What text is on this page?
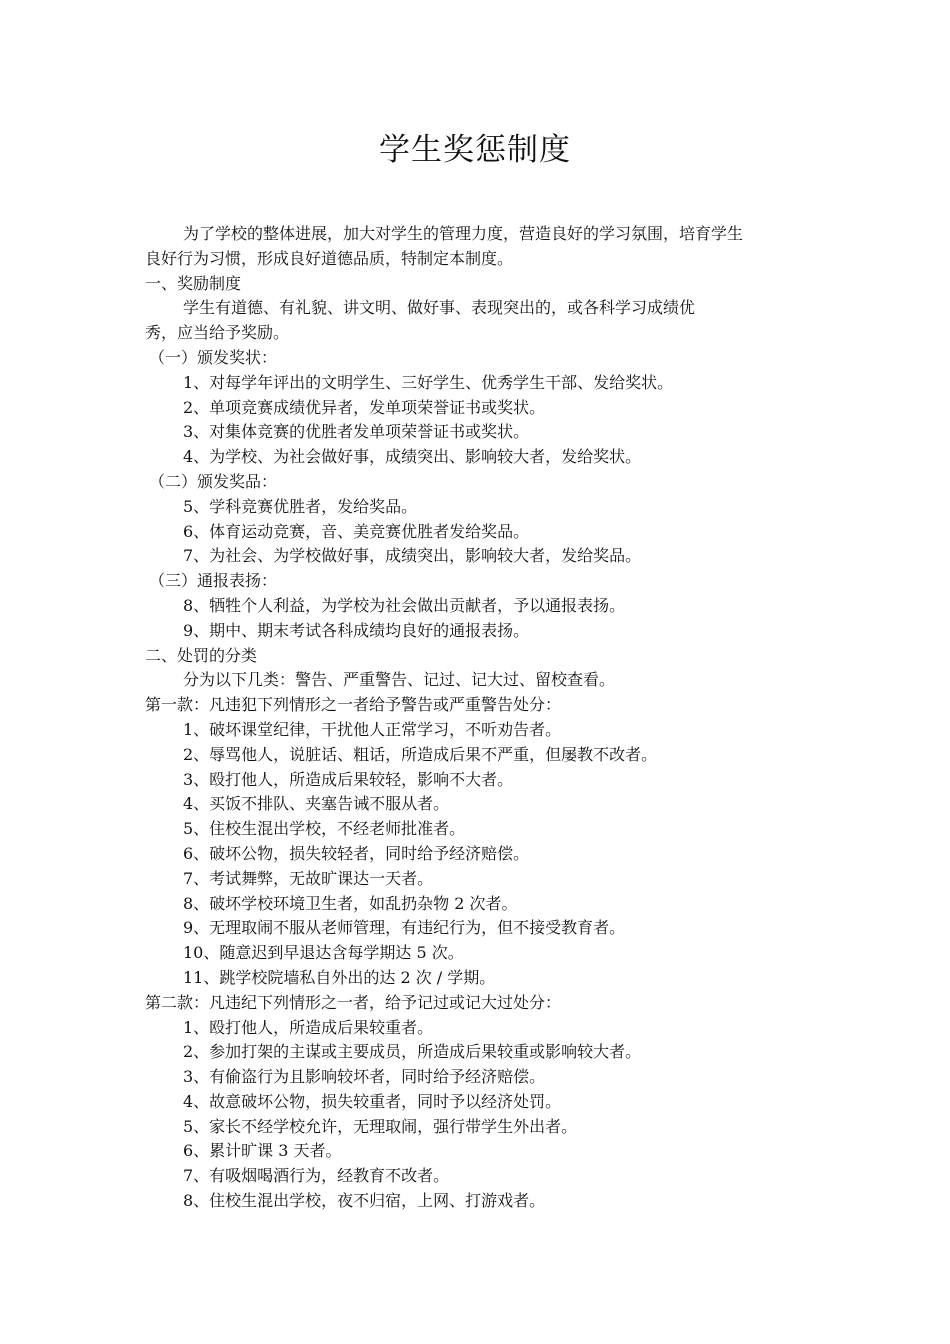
学生奖惩制度
为了学校的整体进展，加大对学生的管理力度，营造良好的学习氛围，培育学生
良好行为习惯，形成良好道德品质，特制定本制度。
一、奖励制度
学生有道德、有礼貌、讲文明、做好事、表现突出的，或各科学习成绩优
秀，应当给予奖励。
（一）颁发奖状：
1、对每学年评出的文明学生、三好学生、优秀学生干部、发给奖状。
2、单项竞赛成绩优异者，发单项荣誉证书或奖状。
3、对集体竞赛的优胜者发单项荣誉证书或奖状。
4、为学校、为社会做好事，成绩突出、影响较大者，发给奖状。
（二）颁发奖品：
5、学科竞赛优胜者，发给奖品。
6、体育运动竞赛，音、美竞赛优胜者发给奖品。
7、为社会、为学校做好事，成绩突出，影响较大者，发给奖品。
（三）通报表扬：
8、牺牲个人利益，为学校为社会做出贡献者，予以通报表扬。
9、期中、期末考试各科成绩均良好的通报表扬。
二、处罚的分类
分为以下几类：警告、严重警告、记过、记大过、留校查看。
第一款：凡违犯下列情形之一者给予警告或严重警告处分：
1、破坏课堂纪律，干扰他人正常学习，不听劝告者。
2、辱骂他人，说脏话、粗话，所造成后果不严重，但屡教不改者。
3、殴打他人，所造成后果较轻，影响不大者。
4、买饭不排队、夹塞告诫不服从者。
5、住校生混出学校，不经老师批准者。
6、破坏公物，损失较轻者，同时给予经济赔偿。
7、考试舞弊，无故旷课达一天者。
8、破坏学校环境卫生者，如乱扔杂物 2 次者。
9、无理取闹不服从老师管理，有违纪行为，但不接受教育者。
10、随意迟到早退达含每学期达 5 次。
11、跳学校院墙私自外出的达 2 次 / 学期。
第二款：凡违纪下列情形之一者，给予记过或记大过处分：
1、殴打他人，所造成后果较重者。
2、参加打架的主谋或主要成员，所造成后果较重或影响较大者。
3、有偷盗行为且影响较坏者，同时给予经济赔偿。
4、故意破坏公物，损失较重者，同时予以经济处罚。
5、家长不经学校允许，无理取闹，强行带学生外出者。
6、累计旷课 3 天者。
7、有吸烟喝酒行为，经教育不改者。
8、住校生混出学校，夜不归宿，上网、打游戏者。
